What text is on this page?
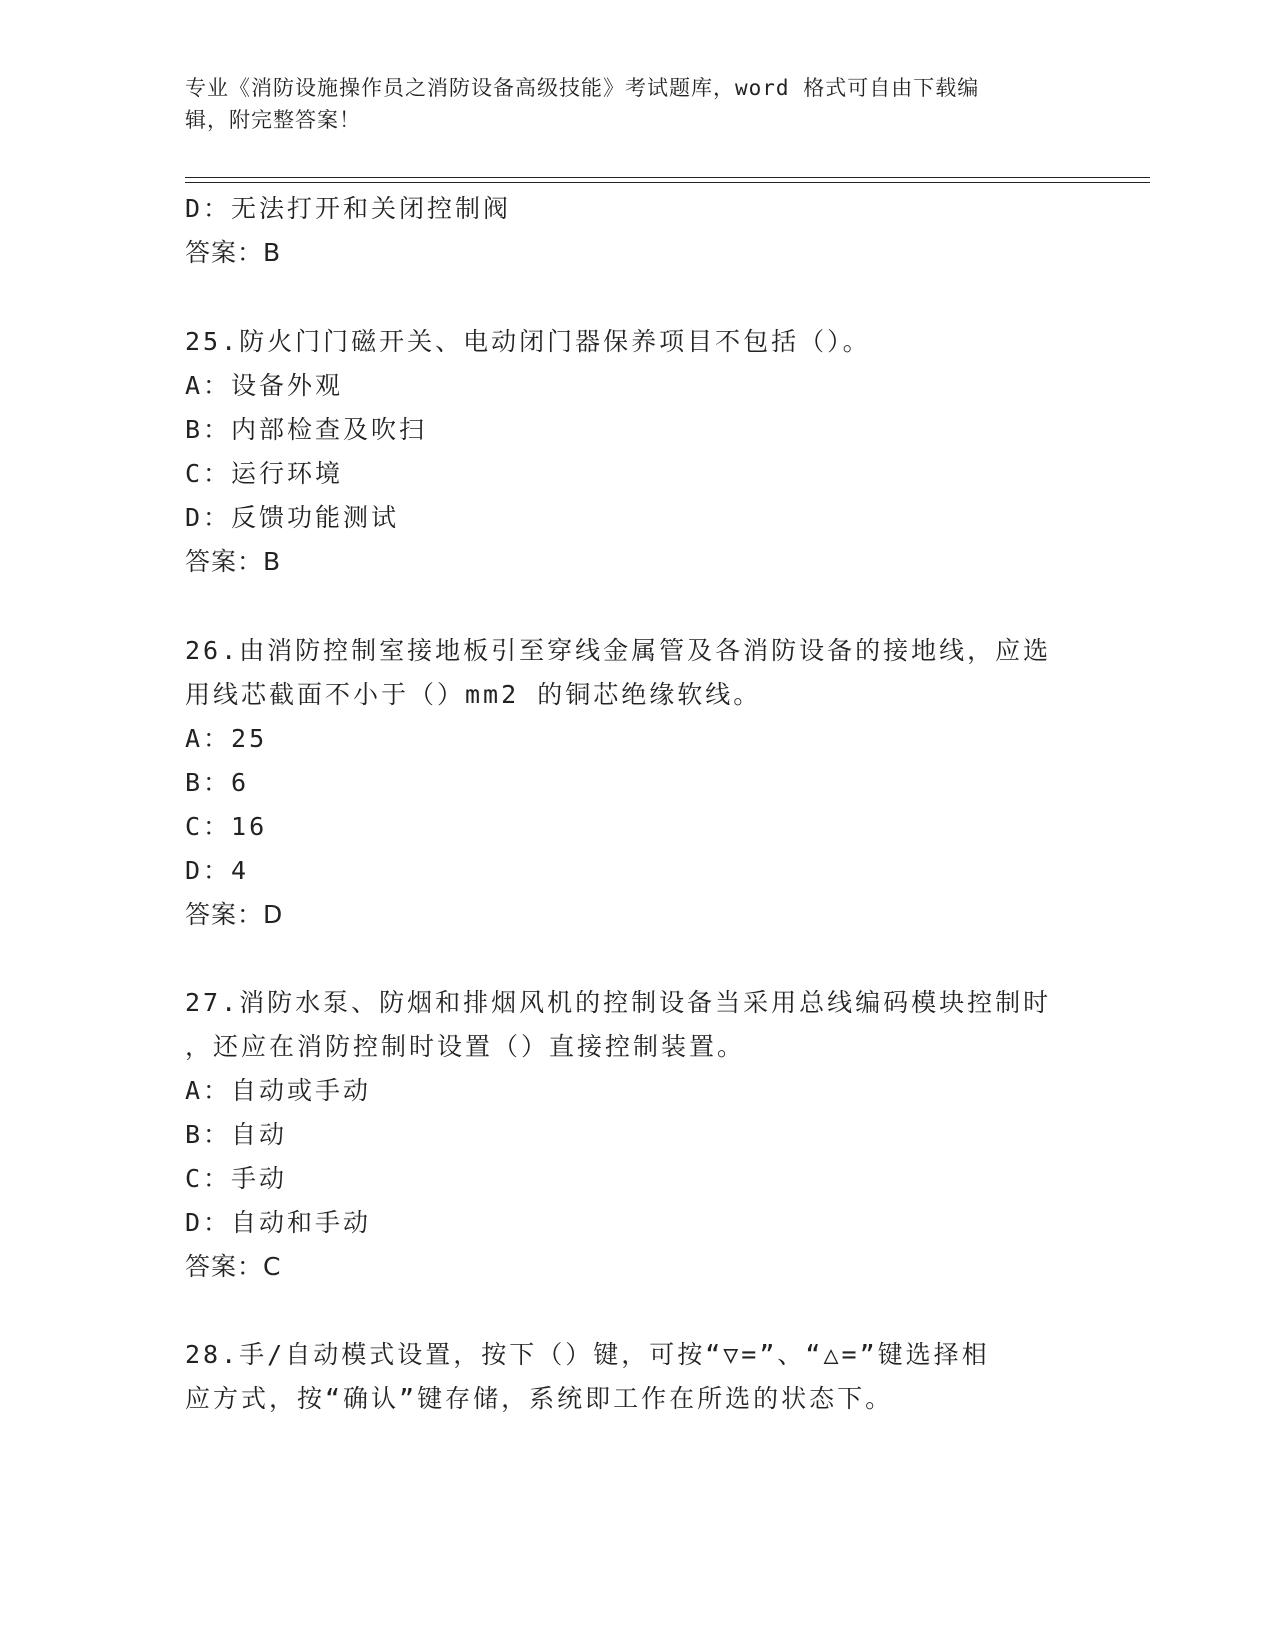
专业《消防设施操作员之消防设备高级技能》考试题库，word 格式可自由下载编
辑，附完整答案！
D：无法打开和关闭控制阀
答案：B
25.防火门门磁开关、电动闭门器保养项目不包括（）。
A：设备外观
B：内部检查及吹扫
C：运行环境
D：反馈功能测试
答案：B
26.由消防控制室接地板引至穿线金属管及各消防设备的接地线，应选
用线芯截面不小于（）mm2 的铜芯绝缘软线。
A：25
B：6
C：16
D：4
答案：D
27.消防水泵、防烟和排烟风机的控制设备当采用总线编码模块控制时
，还应在消防控制时设置（）直接控制装置。
A：自动或手动
B：自动
C：手动
D：自动和手动
答案：C
28.手/自动模式设置，按下（）键，可按“▽=”、“△=”键选择相
应方式，按“确认”键存储，系统即工作在所选的状态下。
